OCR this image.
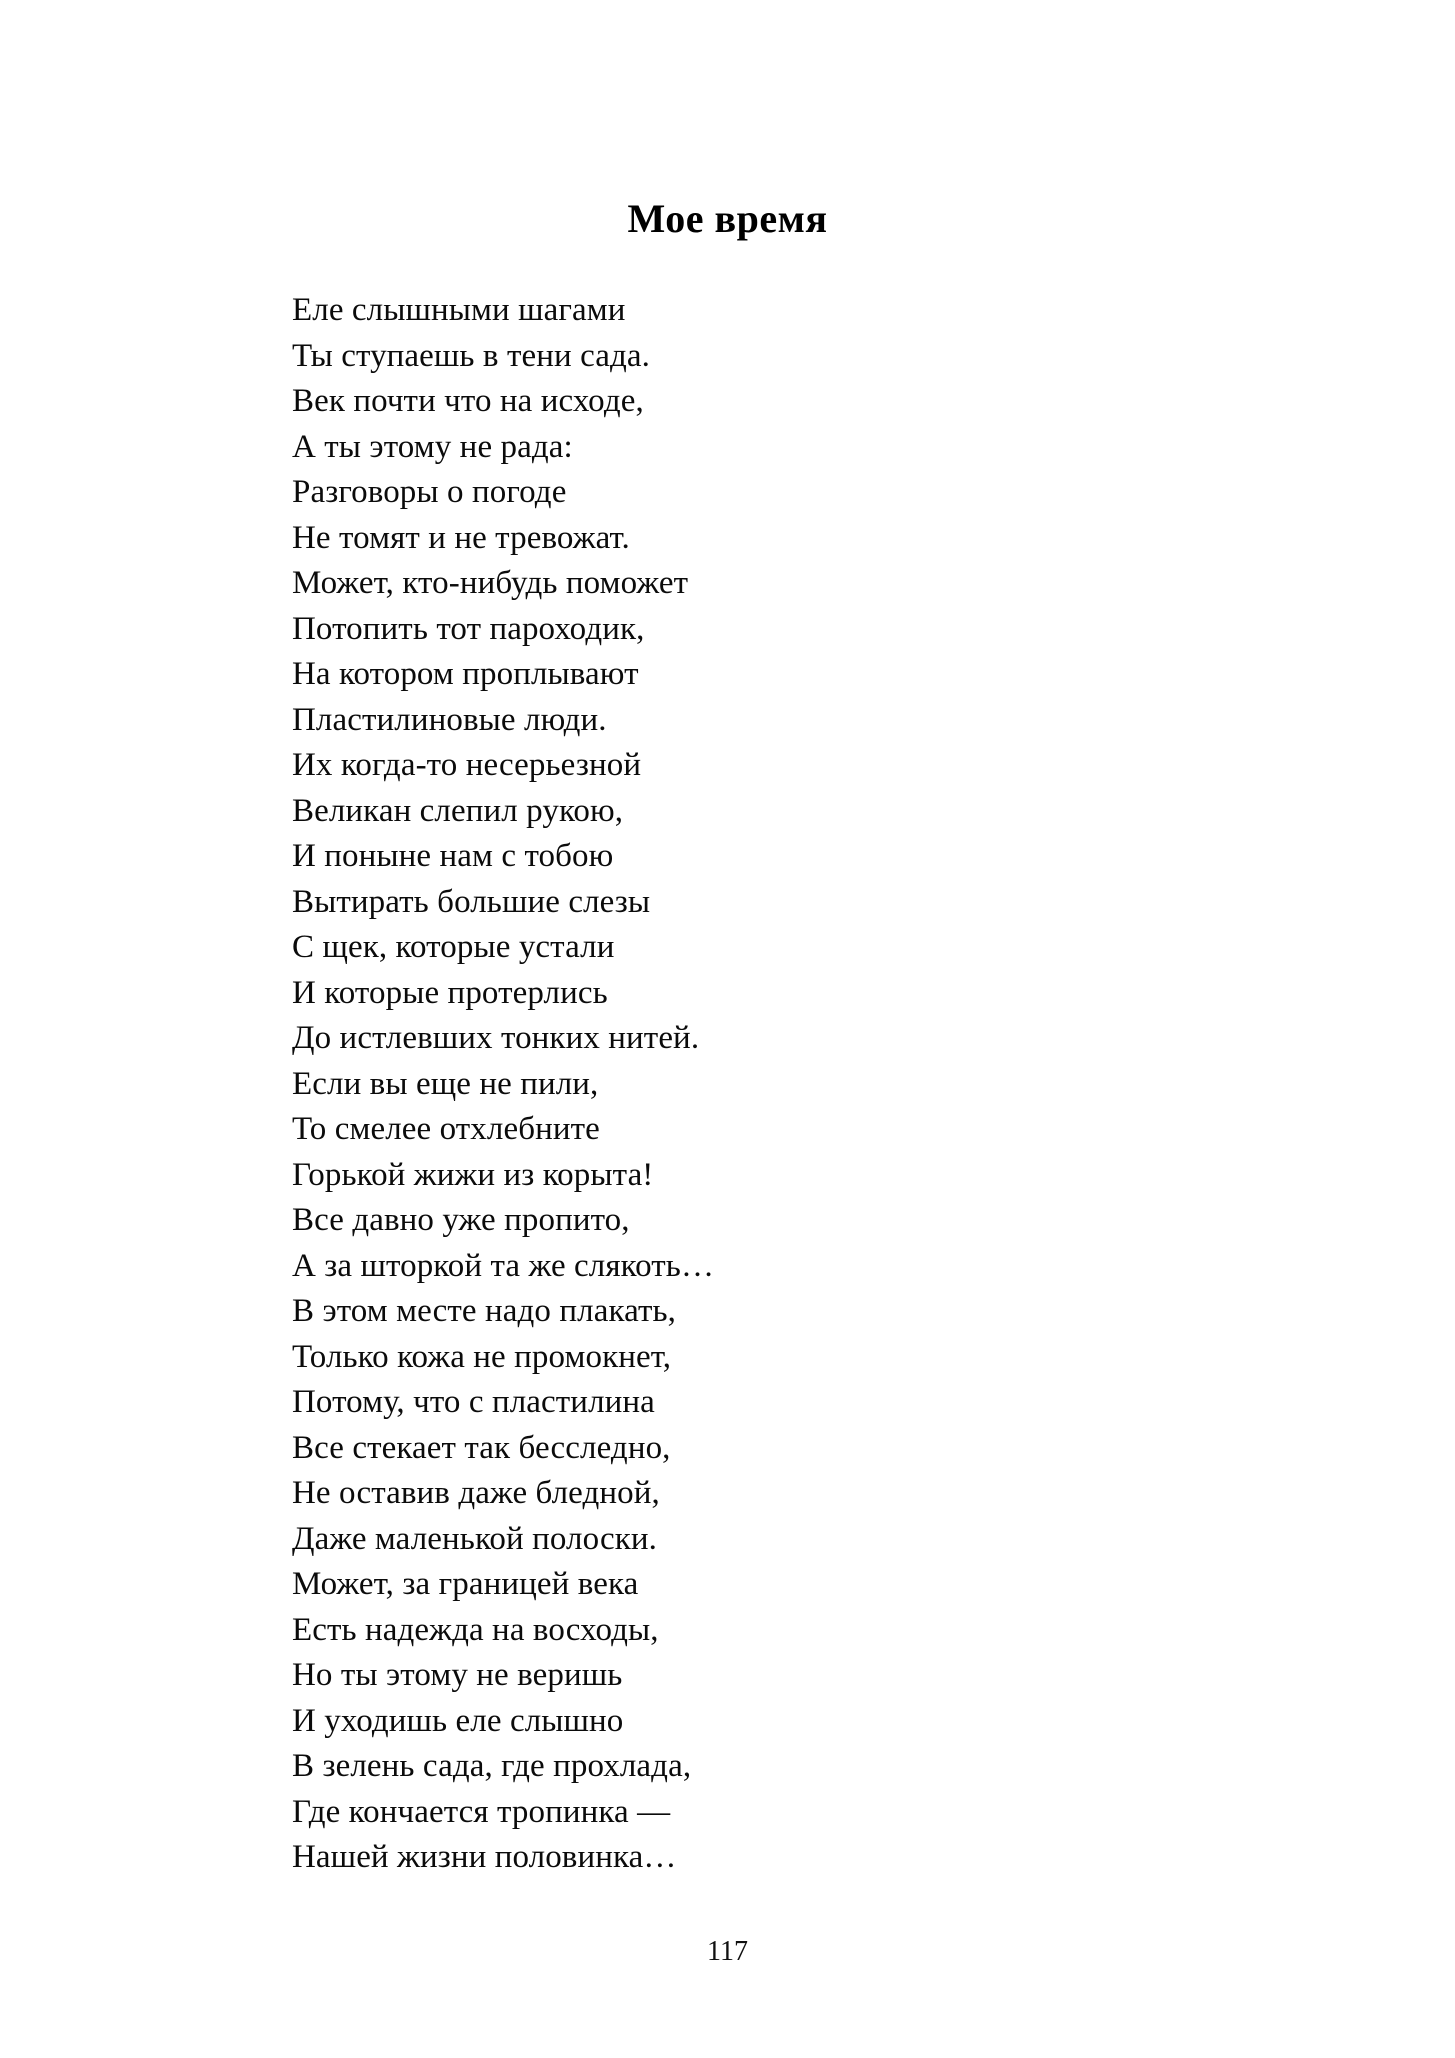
Мое время
Еле слышными шагами
Ты ступаешь в тени сада.
Век почти что на исходе,
А ты этому не рада:
Разговоры о погоде
Не томят и не тревожат.
Может, кто-нибудь поможет
Потопить тот пароходик,
На котором проплывают
Пластилиновые люди.
Их когда-то несерьезной
Великан слепил рукою,
И поныне нам с тобою
Вытирать большие слезы
С щек, которые устали
И которые протерлись
До истлевших тонких нитей.
Если вы еще не пили,
То смелее отхлебните
Горькой жижи из корыта!
Все давно уже пропито,
А за шторкой та же слякоть…
В этом месте надо плакать,
Только кожа не промокнет,
Потому, что с пластилина
Все стекает так бесследно,
Не оставив даже бледной,
Даже маленькой полоски.
Может, за границей века
Есть надежда на восходы,
Но ты этому не веришь
И уходишь еле слышно
В зелень сада, где прохлада,
Где кончается тропинка —
Нашей жизни половинка…
117
